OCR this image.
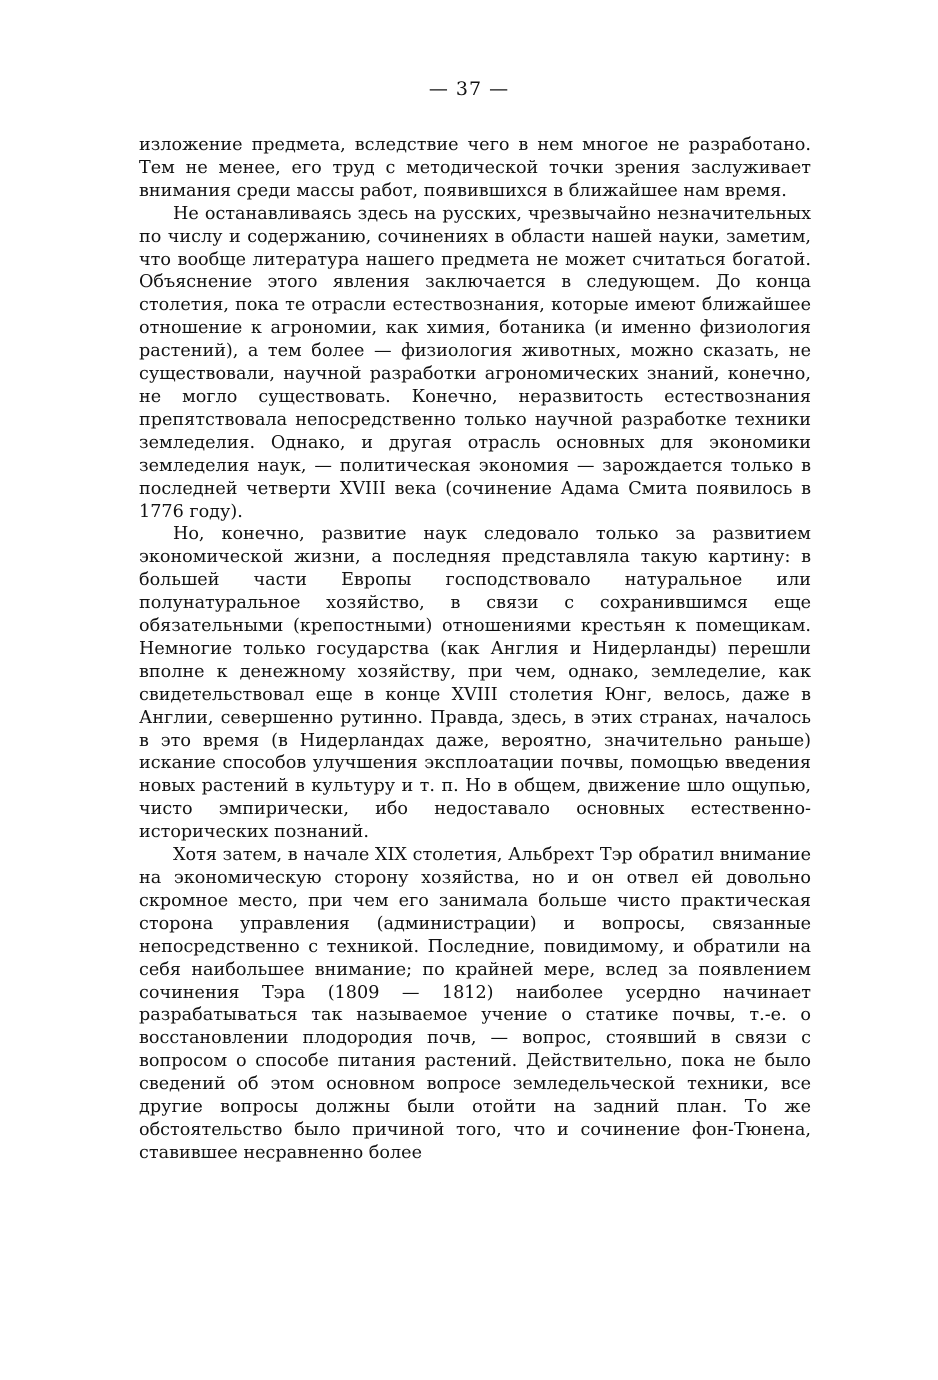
— 37 —

изложение предмета, вследствие чего в нем многое не разработано. Тем не менее, его труд с методической точки зрения заслуживает внимания среди массы работ, появившихся в ближайшее нам время.

Не останавливаясь здесь на русских, чрезвычайно незначительных по числу и содержанию, сочинениях в области нашей науки, заметим, что вообще литература нашего предмета не может считаться богатой. Объяснение этого явления заключается в следующем. До конца столетия, пока те отрасли естествознания, которые имеют ближайшее отношение к агрономии, как химия, ботаника (и именно физиология растений), а тем более — физиология животных, можно сказать, не существовали, научной разработки агрономических знаний, конечно, не могло существовать. Конечно, неразвитость естествознания препятствовала непосредственно только научной разработке техники земледелия. Однако, и другая отрасль основных для экономики земледелия наук, — политическая экономия — зарождается только в последней четверти XVIII века (сочинение Адама Смита появилось в 1776 году).

Но, конечно, развитие наук следовало только за развитием экономической жизни, а последняя представляла такую картину: в большей части Европы господствовало натуральное или полунатуральное хозяйство, в связи с сохранившимся еще обязательными (крепостными) отношениями крестьян к помещикам. Немногие только государства (как Англия и Нидерланды) перешли вполне к денежному хозяйству, при чем, однако, земледелие, как свидетельствовал еще в конце XVIII столетия Юнг, велось, даже в Англии, севершенно рутинно. Правда, здесь, в этих странах, началось в это время (в Нидерландах даже, вероятно, значительно раньше) искание способов улучшения эксплоатации почвы, помощью введения новых растений в культуру и т. п. Но в общем, движение шло ощупью, чисто эмпирически, ибо недоставало основных естественно-исторических познаний.

Хотя затем, в начале XIX столетия, Альбрехт Тэр обратил внимание на экономическую сторону хозяйства, но и он отвел ей довольно скромное место, при чем его занимала больше чисто практическая сторона управления (администрации) и вопросы, связанные непосредственно с техникой. Последние, повидимому, и обратили на себя наибольшее внимание; по крайней мере, вслед за появлением сочинения Тэра (1809 — 1812) наиболее усердно начинает разрабатываться так называемое учение о статике почвы, т.-е. о восстановлении плодородия почв, — вопрос, стоявший в связи с вопросом о способе питания растений. Действительно, пока не было сведений об этом основном вопросе земледельческой техники, все другие вопросы должны были отойти на задний план. То же обстоятельство было причиной того, что и сочинение фон-Тюнена, ставившее несравненно более
